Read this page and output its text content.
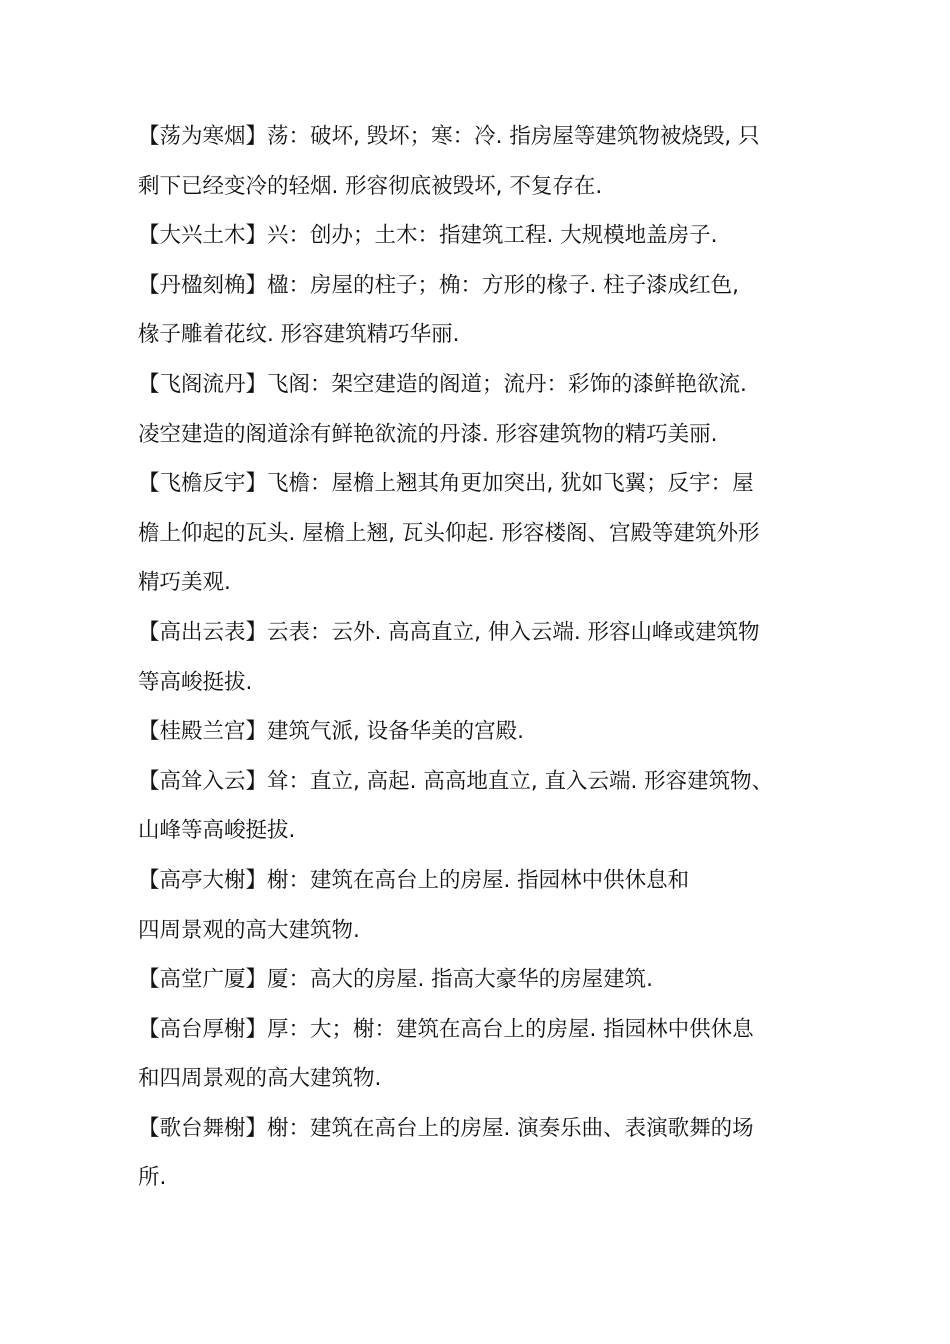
【荡为寒烟】荡：破坏, 毁坏；寒：冷. 指房屋等建筑物被烧毁, 只
剩下已经变冷的轻烟. 形容彻底被毁坏, 不复存在.
【大兴土木】兴：创办；土木：指建筑工程. 大规模地盖房子.
【丹楹刻桷】楹：房屋的柱子；桷：方形的椽子. 柱子漆成红色,
椽子雕着花纹. 形容建筑精巧华丽.
【飞阁流丹】飞阁：架空建造的阁道；流丹：彩饰的漆鲜艳欲流.
凌空建造的阁道涂有鲜艳欲流的丹漆. 形容建筑物的精巧美丽.
【飞檐反宇】飞檐：屋檐上翘其角更加突出, 犹如飞翼；反宇：屋
檐上仰起的瓦头. 屋檐上翘, 瓦头仰起. 形容楼阁、宫殿等建筑外形
精巧美观.
【高出云表】云表：云外. 高高直立, 伸入云端. 形容山峰或建筑物
等高峻挺拔.
【桂殿兰宫】建筑气派, 设备华美的宫殿.
【高耸入云】耸：直立, 高起. 高高地直立, 直入云端. 形容建筑物、
山峰等高峻挺拔.
【高亭大榭】榭：建筑在高台上的房屋. 指园林中供休息和
四周景观的高大建筑物.
【高堂广厦】厦：高大的房屋. 指高大豪华的房屋建筑.
【高台厚榭】厚：大；榭：建筑在高台上的房屋. 指园林中供休息
和四周景观的高大建筑物.
【歌台舞榭】榭：建筑在高台上的房屋. 演奏乐曲、表演歌舞的场
所.
